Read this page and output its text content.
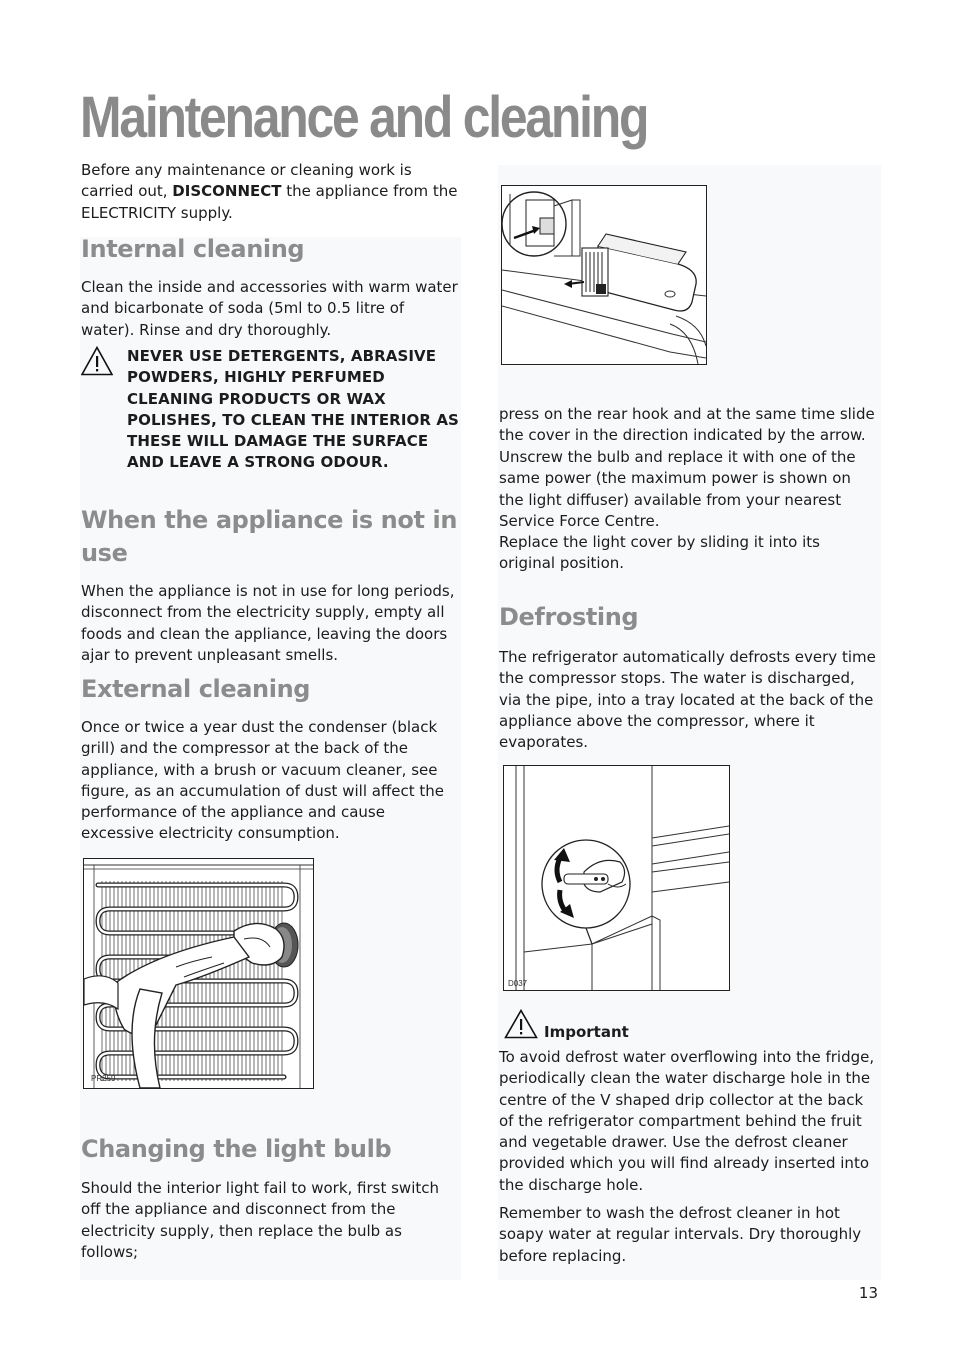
Maintenance and cleaning

Before any maintenance or cleaning work is carried out, DISCONNECT the appliance from the ELECTRICITY supply.

Internal cleaning

Clean the inside and accessories with warm water and bicarbonate of soda (5ml to 0.5 litre of water). Rinse and dry thoroughly.

NEVER USE DETERGENTS, ABRASIVE POWDERS, HIGHLY PERFUMED CLEANING PRODUCTS OR WAX POLISHES, TO CLEAN THE INTERIOR AS THESE WILL DAMAGE THE SURFACE AND LEAVE A STRONG ODOUR.
When the appliance is not in use

When the appliance is not in use for long periods, disconnect from the electricity supply, empty all foods and clean the appliance, leaving the doors ajar to prevent unpleasant smells.

External cleaning

Once or twice a year dust the condenser (black grill) and the compressor at the back of the appliance, with a brush or vacuum cleaner, see figure, as an accumulation of dust will affect the performance of the appliance and cause excessive electricity consumption.

PR259
Changing the light bulb

Should the interior light fail to work, first switch off the appliance and disconnect from the electricity supply, then replace the bulb as follows;

press on the rear hook and at the same time slide the cover in the direction indicated by the arrow.

Unscrew the bulb and replace it with one of the same power (the maximum power is shown on the light diffuser) available from your nearest Service Force Centre.

Replace the light cover by sliding it into its original position.

Defrosting

The refrigerator automatically defrosts every time the compressor stops. The water is discharged, via the pipe, into a tray located at the back of the appliance above the compressor, where it evaporates.

D037
Important

To avoid defrost water overflowing into the fridge, periodically clean the water discharge hole in the centre of the V shaped drip collector at the back of the refrigerator compartment behind the fruit and vegetable drawer. Use the defrost cleaner provided which you will find already inserted into the discharge hole.

Remember to wash the defrost cleaner in hot soapy water at regular intervals. Dry thoroughly before replacing.

13
